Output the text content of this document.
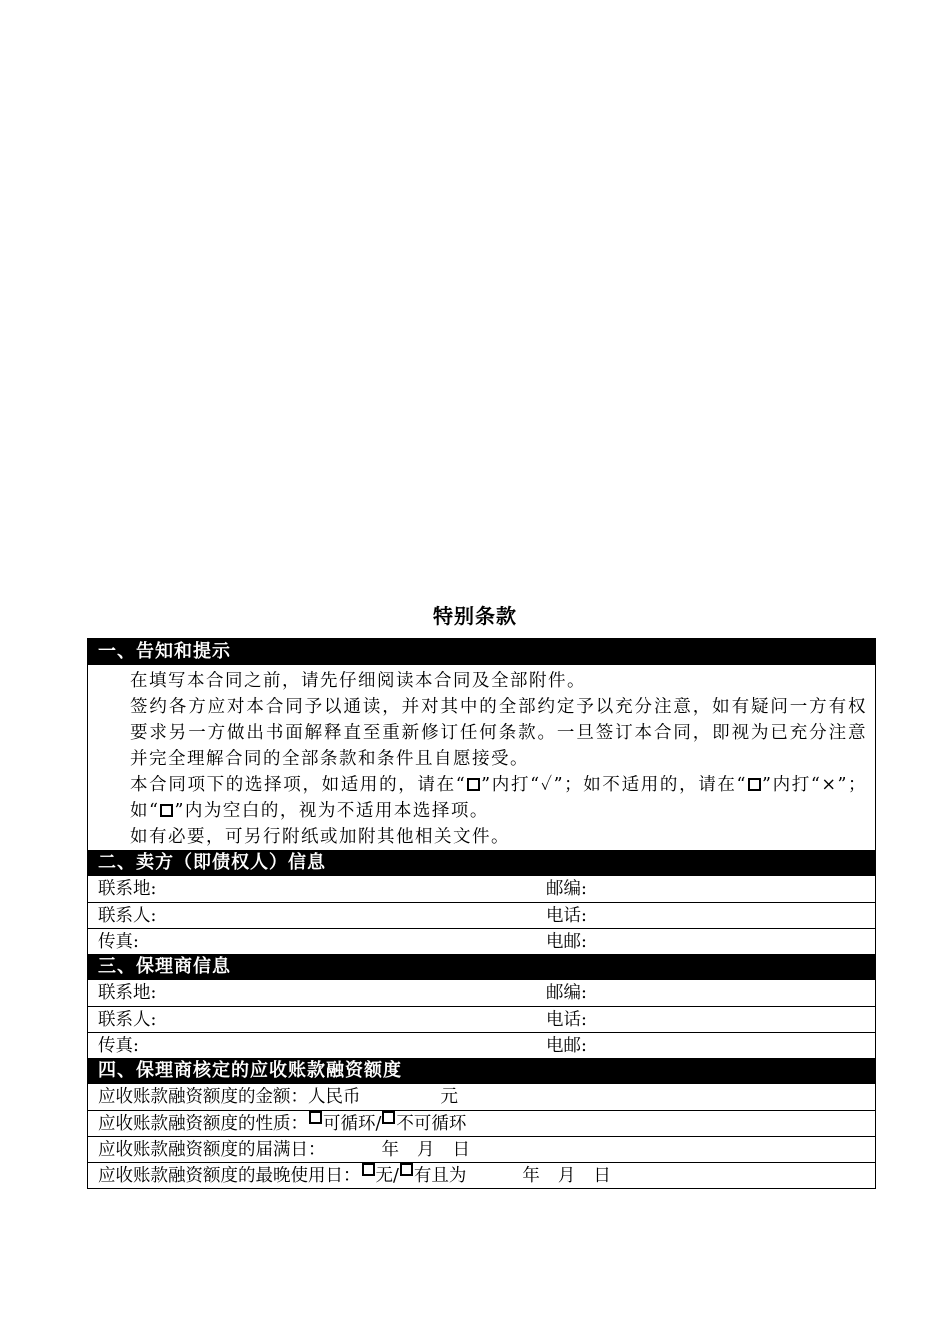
特别条款
一、告知和提示
在填写本合同之前，请先仔细阅读本合同及全部附件。
签约各方应对本合同予以通读，并对其中的全部约定予以充分注意，如有疑问一方有权要求另一方做出书面解释直至重新修订任何条款。一旦签订本合同，即视为已充分注意并完全理解合同的全部条款和条件且自愿接受。
本合同项下的选择项，如适用的，请在“ ”内打“✓”；如不适用的，请在“ ”内打“×”；如“ ”内为空白的，视为不适用本选择项。
如有必要，可另行附纸或加附其他相关文件。
二、卖方（即债权人）信息
联系地:	邮编:
联系人:	电话:
传真:	电邮:
三、保理商信息
联系地:	邮编:
联系人:	电话:
传真:	电邮:
四、保理商核定的应收账款融资额度
应收账款融资额度的金额：人民币	元
应收账款融资额度的性质： 可循环/ 不可循环
应收账款融资额度的届满日：	年 月 日
应收账款融资额度的最晚使用日： 无/ 有且为	年 月 日
